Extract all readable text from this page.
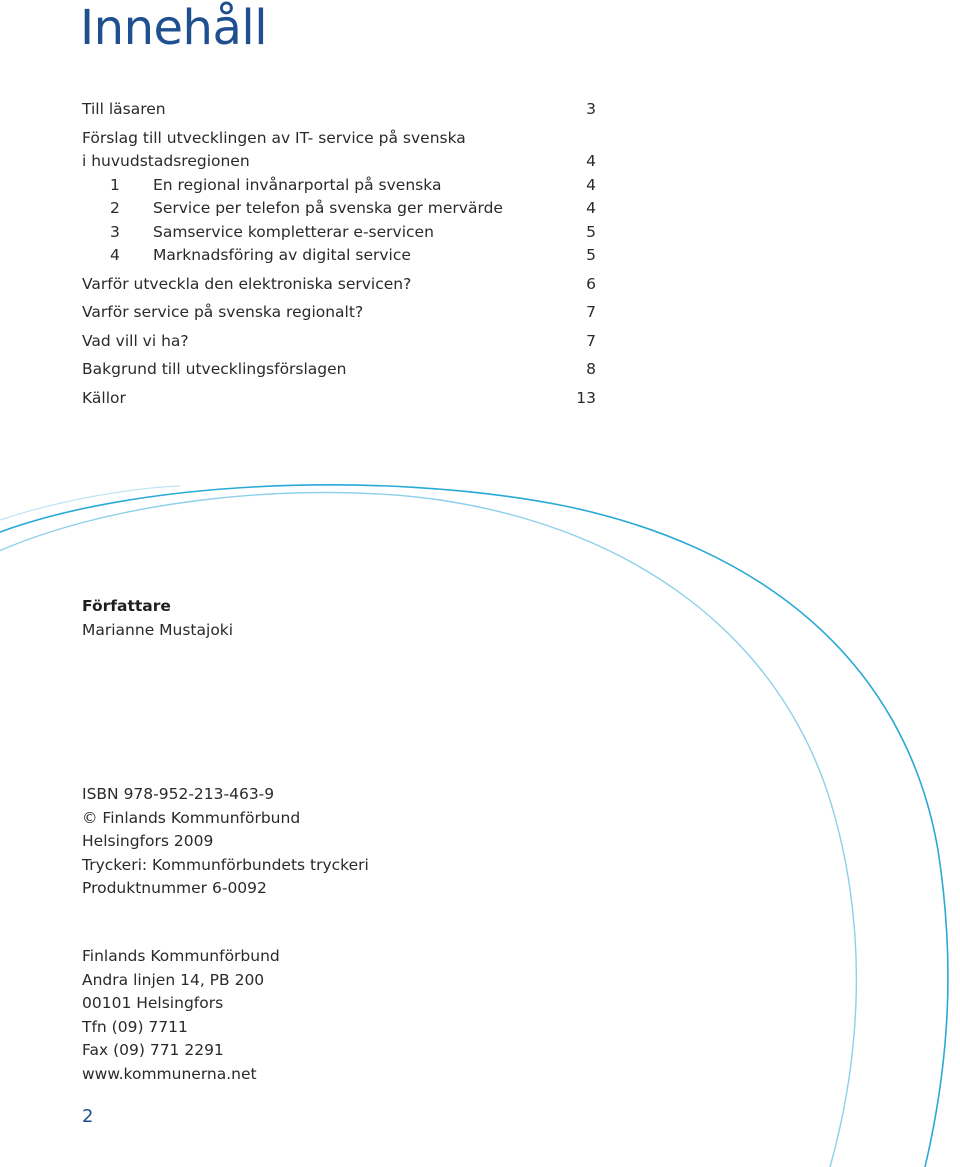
Innehåll
Till läsaren	3
Förslag till utvecklingen av IT- service på svenska
i huvudstadsregionen	4
1 En regional invånarportal på svenska	4
2 Service per telefon på svenska ger mervärde	4
3 Samservice kompletterar e-servicen	5
4 Marknadsföring av digital service	5
Varför utveckla den elektroniska servicen?	6
Varför service på svenska regionalt?	7
Vad vill vi ha?	7
Bakgrund till utvecklingsförslagen	8
Källor	13
Författare
Marianne Mustajoki
ISBN 978-952-213-463-9
© Finlands Kommunförbund
Helsingfors 2009
Tryckeri: Kommunförbundets tryckeri
Produktnummer 6-0092
Finlands Kommunförbund
Andra linjen 14, PB 200
00101 Helsingfors
Tfn (09) 7711
Fax (09) 771 2291
www.kommunerna.net
2
